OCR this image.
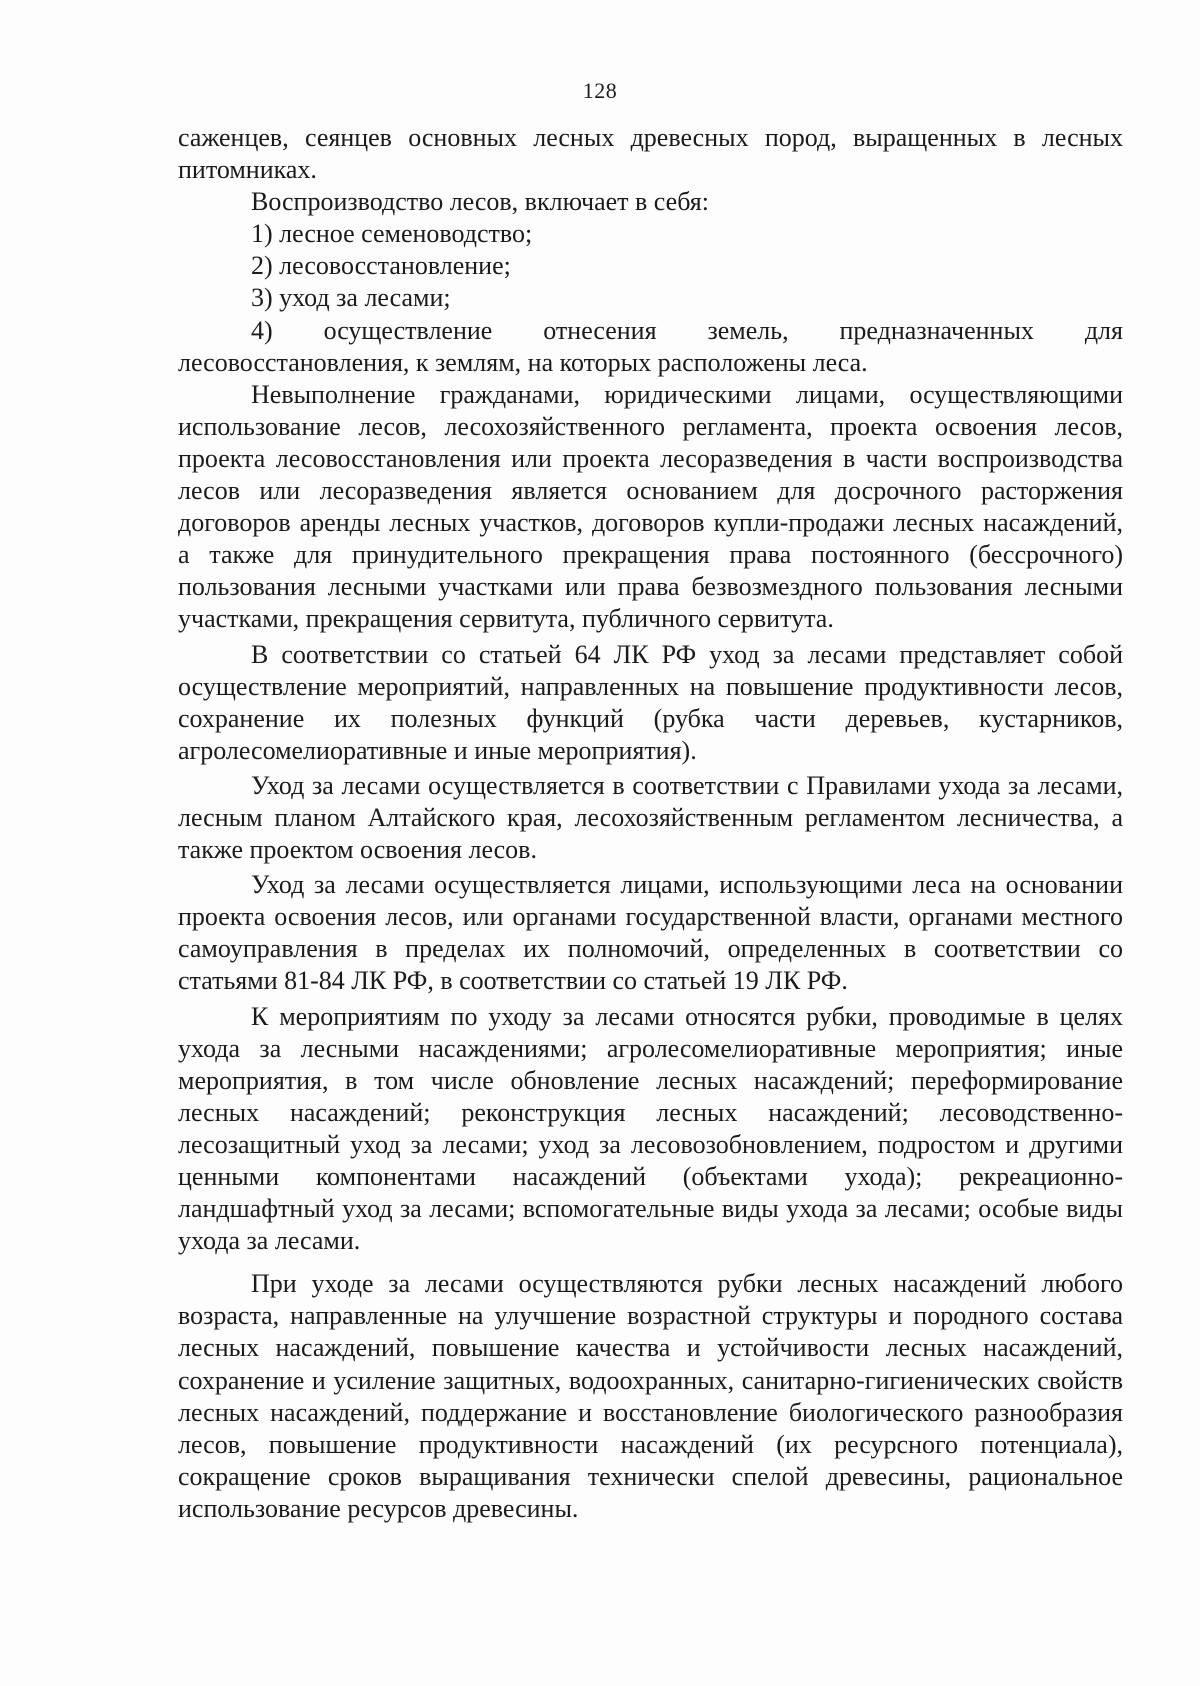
128

саженцев, сеянцев основных лесных древесных пород, выращенных в лесных питомниках.

Воспроизводство лесов, включает в себя:

1) лесное семеноводство;

2) лесовосстановление;

3) уход за лесами;

4) осуществление отнесения земель, предназначенных для лесовосстановления, к землям, на которых расположены леса.

Невыполнение гражданами, юридическими лицами, осуществляющими использование лесов, лесохозяйственного регламента, проекта освоения лесов, проекта лесовосстановления или проекта лесоразведения в части воспроизводства лесов или лесоразведения является основанием для досрочного расторжения договоров аренды лесных участков, договоров купли-продажи лесных насаждений, а также для принудительного прекращения права постоянного (бессрочного) пользования лесными участками или права безвозмездного пользования лесными участками, прекращения сервитута, публичного сервитута.

В соответствии со статьей 64 ЛК РФ уход за лесами представляет собой осуществление мероприятий, направленных на повышение продуктивности лесов, сохранение их полезных функций (рубка части деревьев, кустарников, агролесомелиоративные и иные мероприятия).

Уход за лесами осуществляется в соответствии с Правилами ухода за лесами, лесным планом Алтайского края, лесохозяйственным регламентом лесничества, а также проектом освоения лесов.

Уход за лесами осуществляется лицами, использующими леса на основании проекта освоения лесов, или органами государственной власти, органами местного самоуправления в пределах их полномочий, определенных в соответствии со статьями 81-84 ЛК РФ, в соответствии со статьей 19 ЛК РФ.

К мероприятиям по уходу за лесами относятся рубки, проводимые в целях ухода за лесными насаждениями; агролесомелиоративные мероприятия; иные мероприятия, в том числе обновление лесных насаждений; переформирование лесных насаждений; реконструкция лесных насаждений; лесоводственно-лесозащитный уход за лесами; уход за лесовозобновлением, подростом и другими ценными компонентами насаждений (объектами ухода); рекреационно-ландшафтный уход за лесами; вспомогательные виды ухода за лесами; особые виды ухода за лесами.

При уходе за лесами осуществляются рубки лесных насаждений любого возраста, направленные на улучшение возрастной структуры и породного состава лесных насаждений, повышение качества и устойчивости лесных насаждений, сохранение и усиление защитных, водоохранных, санитарно-гигиенических свойств лесных насаждений, поддержание и восстановление биологического разнообразия лесов, повышение продуктивности насаждений (их ресурсного потенциала), сокращение сроков выращивания технически спелой древесины, рациональное использование ресурсов древесины.
